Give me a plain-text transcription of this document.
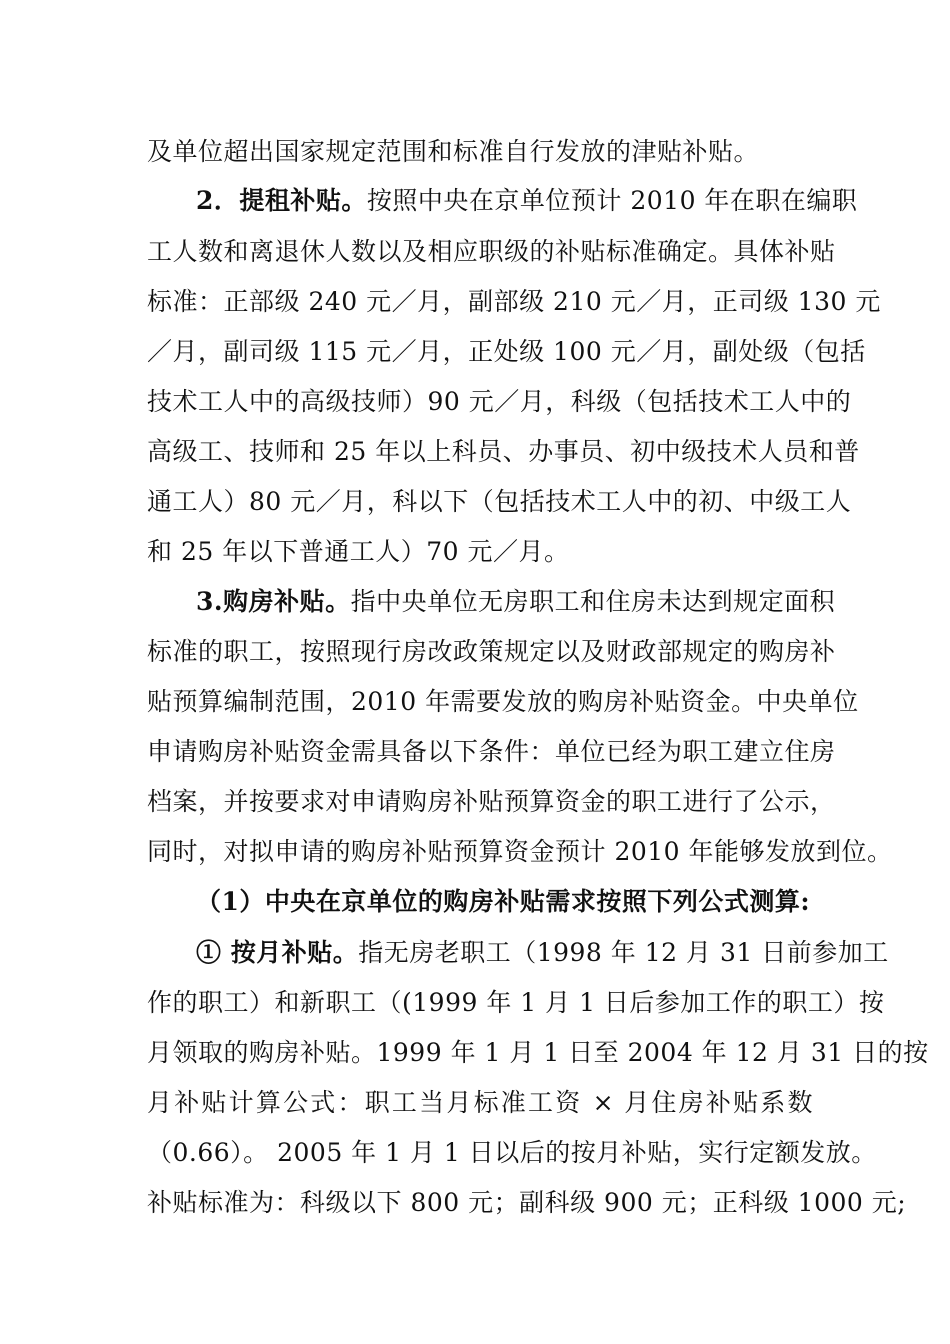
及单位超出国家规定范围和标准自行发放的津贴补贴。
2．提租补贴。按照中央在京单位预计 2010 年在职在编职
工人数和离退休人数以及相应职级的补贴标准确定。具体补贴
标准：正部级 240 元／月，副部级 210 元／月，正司级 130 元
／月，副司级 115 元／月，正处级 100 元／月，副处级（包括
技术工人中的高级技师）90 元／月，科级（包括技术工人中的
高级工、技师和 25 年以上科员、办事员、初中级技术人员和普
通工人）80 元／月，科以下（包括技术工人中的初、中级工人
和 25 年以下普通工人）70 元／月。
3.购房补贴。指中央单位无房职工和住房未达到规定面积
标准的职工，按照现行房改政策规定以及财政部规定的购房补
贴预算编制范围，2010 年需要发放的购房补贴资金。中央单位
申请购房补贴资金需具备以下条件：单位已经为职工建立住房
档案，并按要求对申请购房补贴预算资金的职工进行了公示，
同时，对拟申请的购房补贴预算资金预计 2010 年能够发放到位。
（1）中央在京单位的购房补贴需求按照下列公式测算:
① 按月补贴。指无房老职工（1998 年 12 月 31 日前参加工
作的职工）和新职工（(1999 年 1 月 1 日后参加工作的职工）按
月领取的购房补贴。1999 年 1 月 1 日至 2004 年 12 月 31 日的按
月补贴计算公式：职工当月标准工资 × 月住房补贴系数
（0.66）。 2005 年 1 月 1 日以后的按月补贴，实行定额发放。
补贴标准为：科级以下 800 元；副科级 900 元；正科级 1000 元;
